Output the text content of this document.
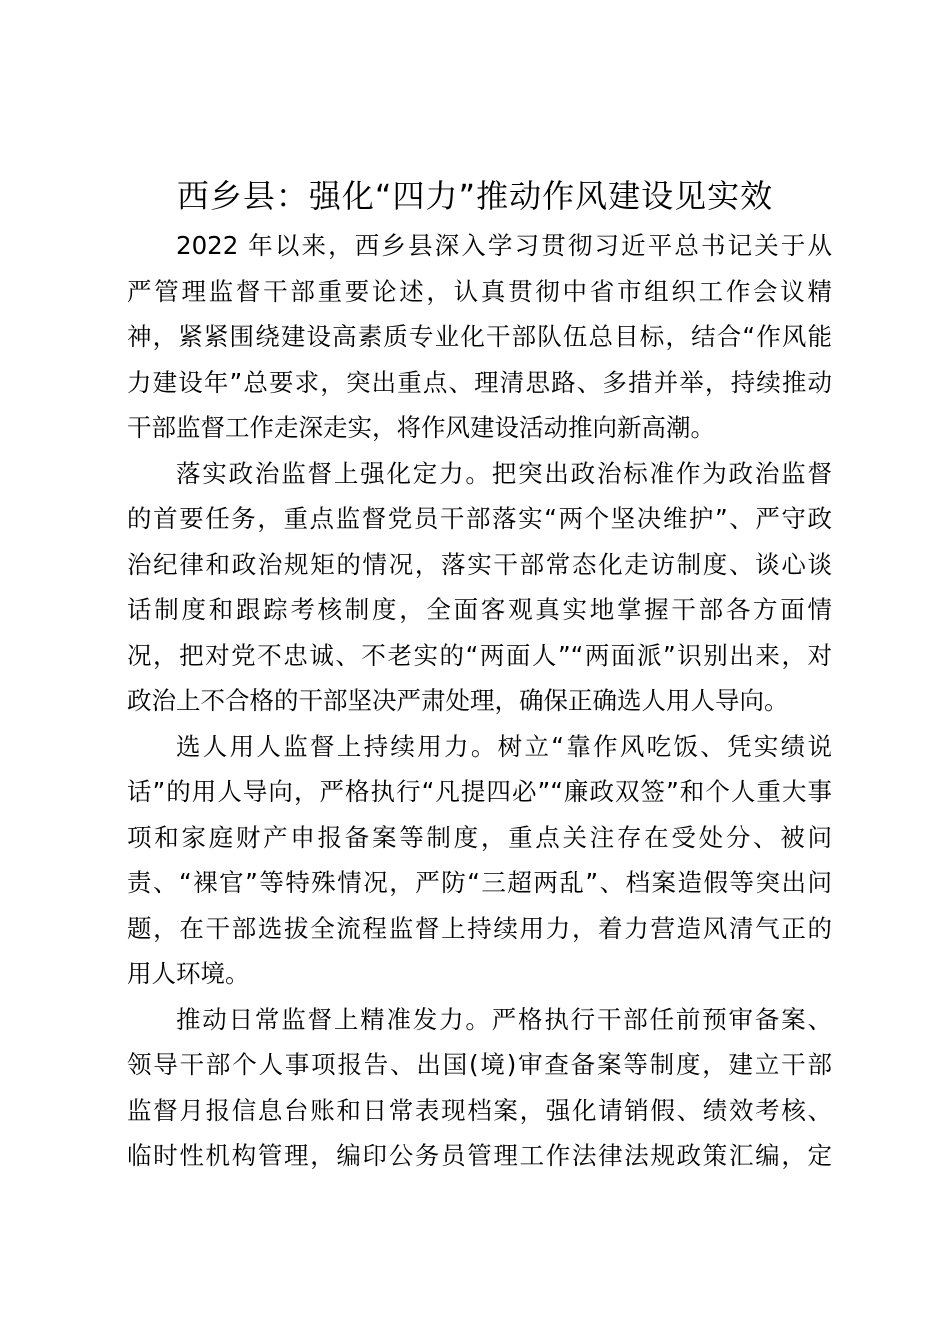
西乡县：强化“四力”推动作风建设见实效
2022 年以来，西乡县深入学习贯彻习近平总书记关于从
严管理监督干部重要论述，认真贯彻中省市组织工作会议精
神，紧紧围绕建设高素质专业化干部队伍总目标，结合“作风能
力建设年”总要求，突出重点、理清思路、多措并举，持续推动
干部监督工作走深走实，将作风建设活动推向新高潮。
落实政治监督上强化定力。把突出政治标准作为政治监督
的首要任务，重点监督党员干部落实“两个坚决维护”、严守政
治纪律和政治规矩的情况，落实干部常态化走访制度、谈心谈
话制度和跟踪考核制度，全面客观真实地掌握干部各方面情
况，把对党不忠诚、不老实的“两面人”“两面派”识别出来，对
政治上不合格的干部坚决严肃处理，确保正确选人用人导向。
选人用人监督上持续用力。树立“靠作风吃饭、凭实绩说
话”的用人导向，严格执行“凡提四必”“廉政双签”和个人重大事
项和家庭财产申报备案等制度，重点关注存在受处分、被问
责、“裸官”等特殊情况，严防“三超两乱”、档案造假等突出问
题，在干部选拔全流程监督上持续用力，着力营造风清气正的
用人环境。
推动日常监督上精准发力。严格执行干部任前预审备案、
领导干部个人事项报告、出国(境)审查备案等制度，建立干部
监督月报信息台账和日常表现档案，强化请销假、绩效考核、
临时性机构管理，编印公务员管理工作法律法规政策汇编，定
